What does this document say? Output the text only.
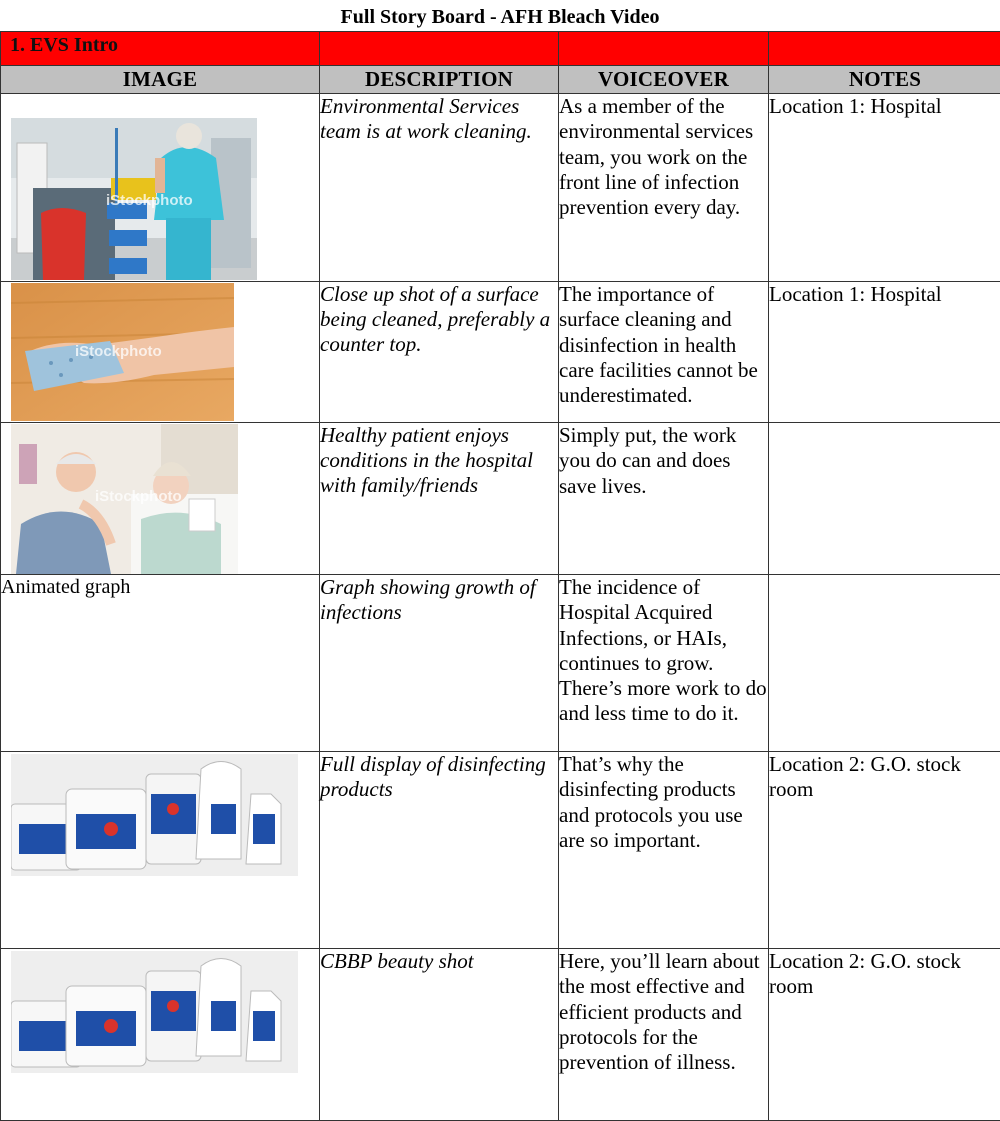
Full Story Board - AFH Bleach Video
1. EVS Intro			
IMAGE	DESCRIPTION	VOICEOVER	NOTES

iStockphoto	Environmental Services team is at work cleaning.	As a member of the environmental services team, you work on the front line of infection prevention every day.	Location 1: Hospital

iStockphoto	Close up shot of a surface being cleaned, preferably a counter top.	The importance of surface cleaning and disinfection in health care facilities cannot be underestimated.	Location 1: Hospital

iStockphoto	Healthy patient enjoys conditions in the hospital with family/friends	Simply put, the work you do can and does save lives.	
Animated graph	Graph showing growth of infections	The incidence of Hospital Acquired Infections, or HAIs, continues to grow. There’s more work to do and less time to do it.	

	Full display of disinfecting products	That’s why the disinfecting products and protocols you use are so important.	Location 2: G.O. stock room

	CBBP beauty shot	Here, you’ll learn about the most effective and efficient products and protocols for the prevention of illness.	Location 2: G.O. stock room
